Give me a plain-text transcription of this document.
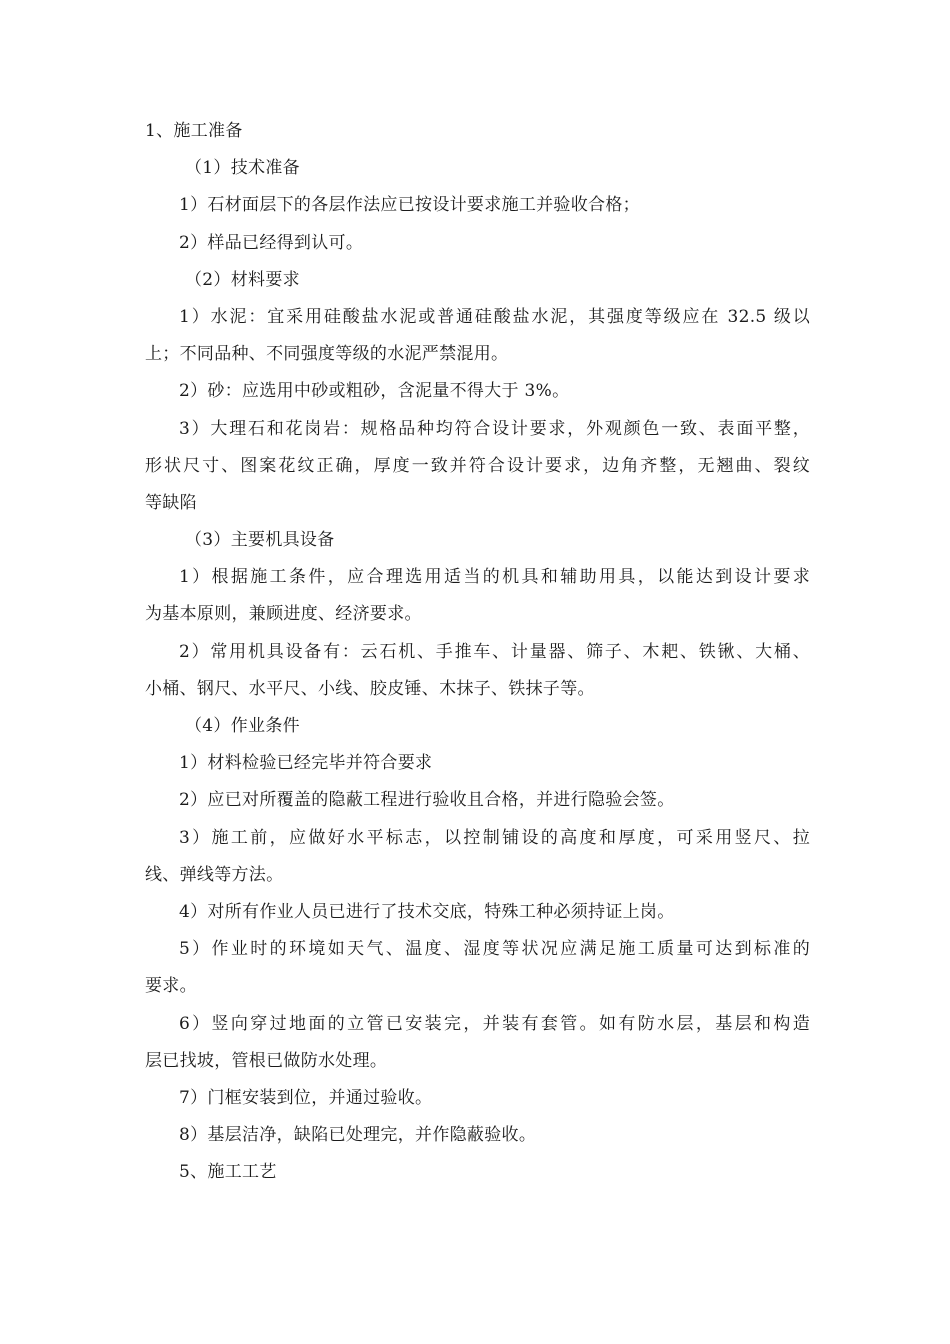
1、施工准备
（1）技术准备
1）石材面层下的各层作法应已按设计要求施工并验收合格；
2）样品已经得到认可。
（2）材料要求
1）水泥：宜采用硅酸盐水泥或普通硅酸盐水泥，其强度等级应在 32.5 级以
上；不同品种、不同强度等级的水泥严禁混用。
2）砂：应选用中砂或粗砂，含泥量不得大于 3%。
3）大理石和花岗岩：规格品种均符合设计要求，外观颜色一致、表面平整，
形状尺寸、图案花纹正确，厚度一致并符合设计要求，边角齐整，无翘曲、裂纹
等缺陷
（3）主要机具设备
1）根据施工条件，应合理选用适当的机具和辅助用具，以能达到设计要求
为基本原则，兼顾进度、经济要求。
2）常用机具设备有：云石机、手推车、计量器、筛子、木耙、铁锹、大桶、
小桶、钢尺、水平尺、小线、胶皮锤、木抹子、铁抹子等。
（4）作业条件
1）材料检验已经完毕并符合要求
2）应已对所覆盖的隐蔽工程进行验收且合格，并进行隐验会签。
3）施工前，应做好水平标志，以控制铺设的高度和厚度，可采用竖尺、拉
线、弹线等方法。
4）对所有作业人员已进行了技术交底，特殊工种必须持证上岗。
5）作业时的环境如天气、温度、湿度等状况应满足施工质量可达到标准的
要求。
6）竖向穿过地面的立管已安装完，并装有套管。如有防水层，基层和构造
层已找坡，管根已做防水处理。
7）门框安装到位，并通过验收。
8）基层洁净，缺陷已处理完，并作隐蔽验收。
5、施工工艺
